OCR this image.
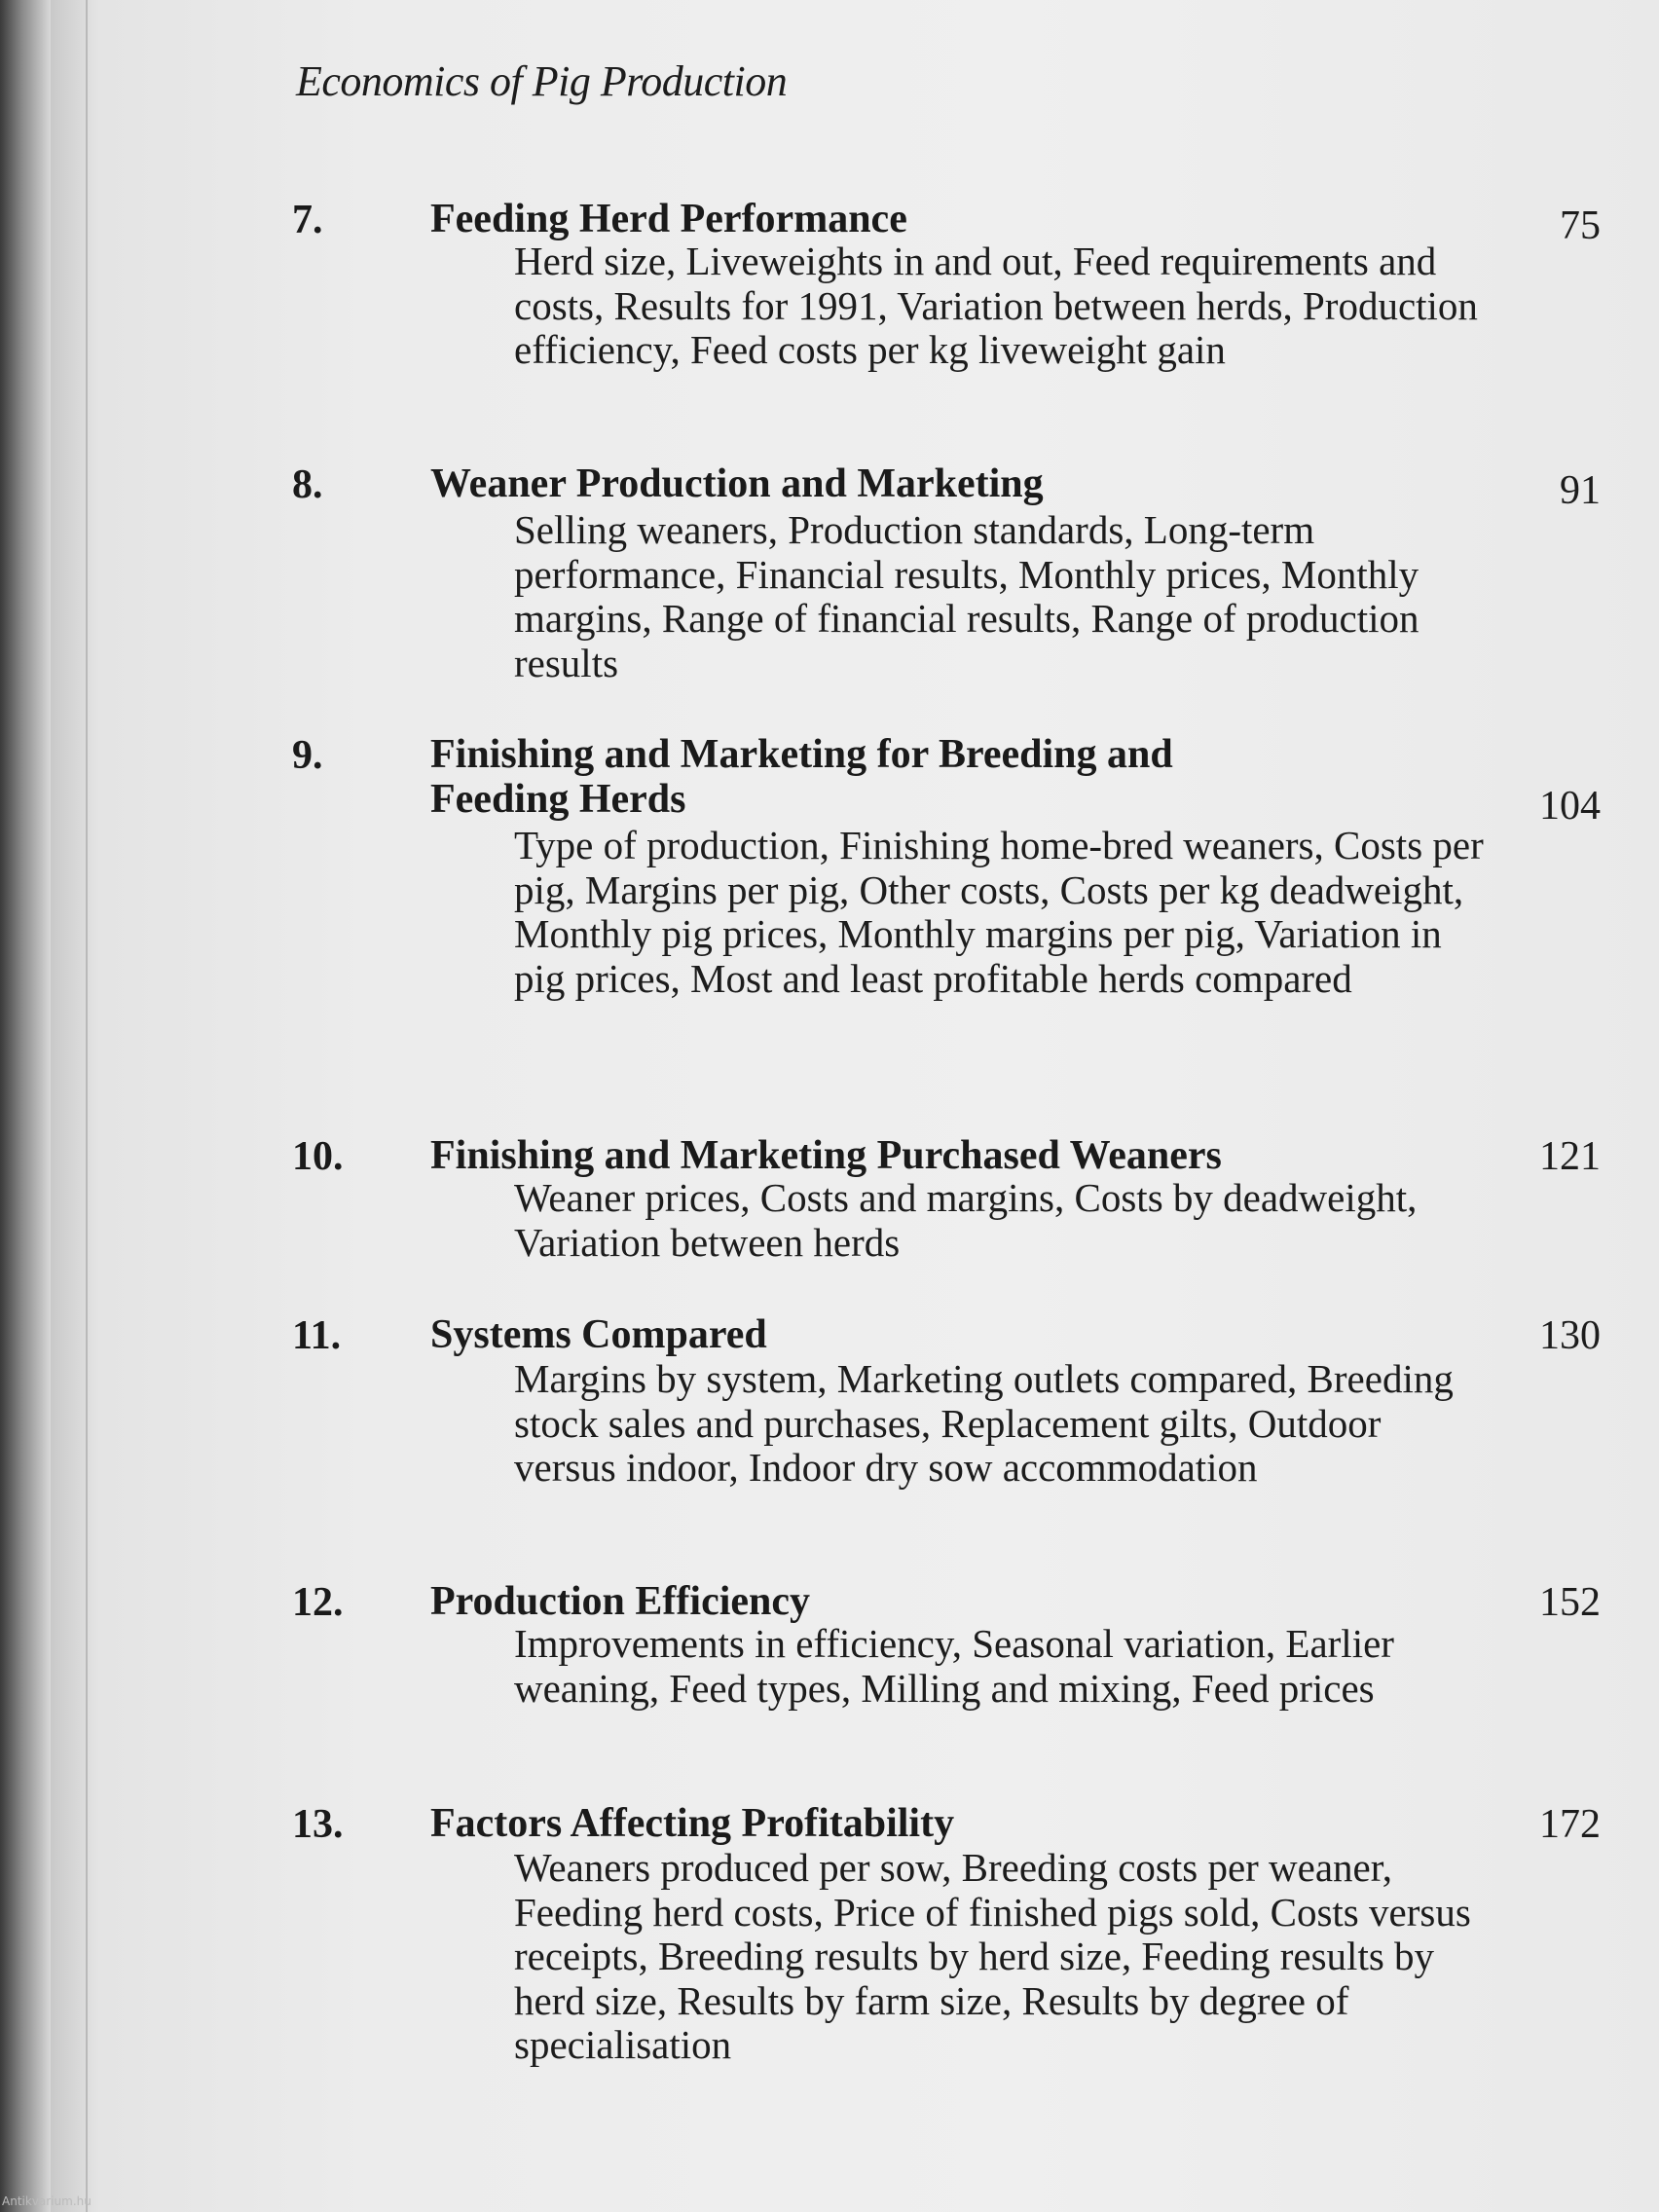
Economics of Pig Production
7.	Feeding Herd Performance	75
Herd size, Liveweights in and out, Feed requirements and costs, Results for 1991, Variation between herds, Production efficiency, Feed costs per kg liveweight gain
8.	Weaner Production and Marketing	91
Selling weaners, Production standards, Long-term performance, Financial results, Monthly prices, Monthly margins, Range of financial results, Range of production results
9.	Finishing and Marketing for Breeding and Feeding Herds	104
Type of production, Finishing home-bred weaners, Costs per pig, Margins per pig, Other costs, Costs per kg deadweight, Monthly pig prices, Monthly margins per pig, Variation in pig prices, Most and least profitable herds compared
10. Finishing and Marketing Purchased Weaners	121
Weaner prices, Costs and margins, Costs by deadweight, Variation between herds
11. Systems Compared	130
Margins by system, Marketing outlets compared, Breeding stock sales and purchases, Replacement gilts, Outdoor versus indoor, Indoor dry sow accommodation
12. Production Efficiency	152
Improvements in efficiency, Seasonal variation, Earlier weaning, Feed types, Milling and mixing, Feed prices
13. Factors Affecting Profitability	172
Weaners produced per sow, Breeding costs per weaner, Feeding herd costs, Price of finished pigs sold, Costs versus receipts, Breeding results by herd size, Feeding results by herd size, Results by farm size, Results by degree of specialisation
Antikvarium.hu
